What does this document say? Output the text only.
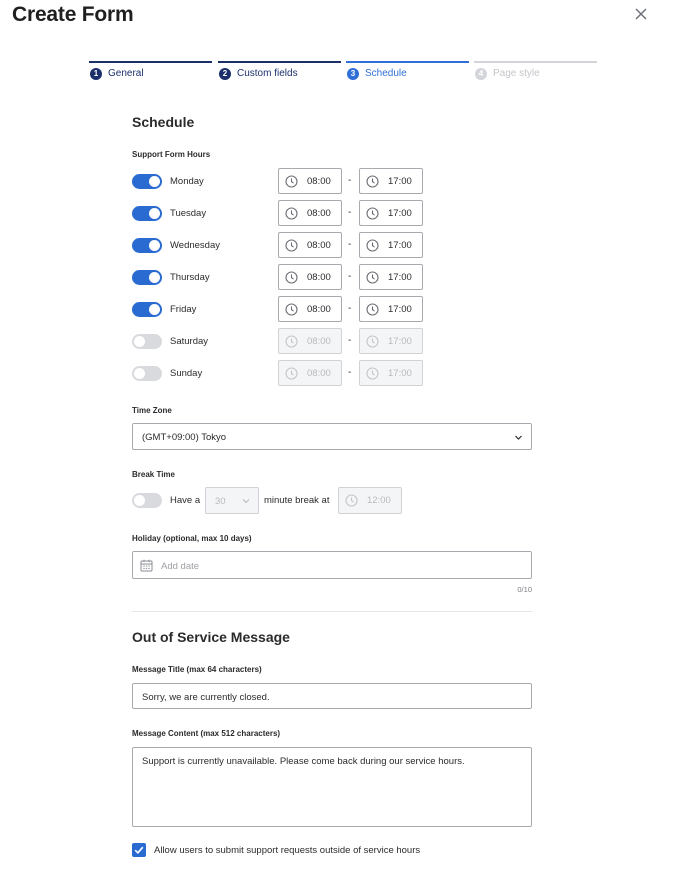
Create Form
1 General	2 Custom fields	3 Schedule	4 Page style
Schedule
Support Form Hours
Monday	08:00 -	17:00
Tuesday	08:00 -	17:00
Wednesday	08:00 -	17:00
Thursday	08:00 -	17:00
Friday	08:00 -	17:00
Saturday	08:00 -	17:00
Sunday	08:00 -	17:00
Time Zone
(GMT+09:00) Tokyo
Break Time
Have a 30	minute break at	12:00
Holiday (optional, max 10 days)
Add date
0/10
Out of Service Message
Message Title (max 64 characters)
Sorry, we are currently closed.
Message Content (max 512 characters)
Support is currently unavailable. Please come back during our service hours.
Allow users to submit support requests outside of service hours
